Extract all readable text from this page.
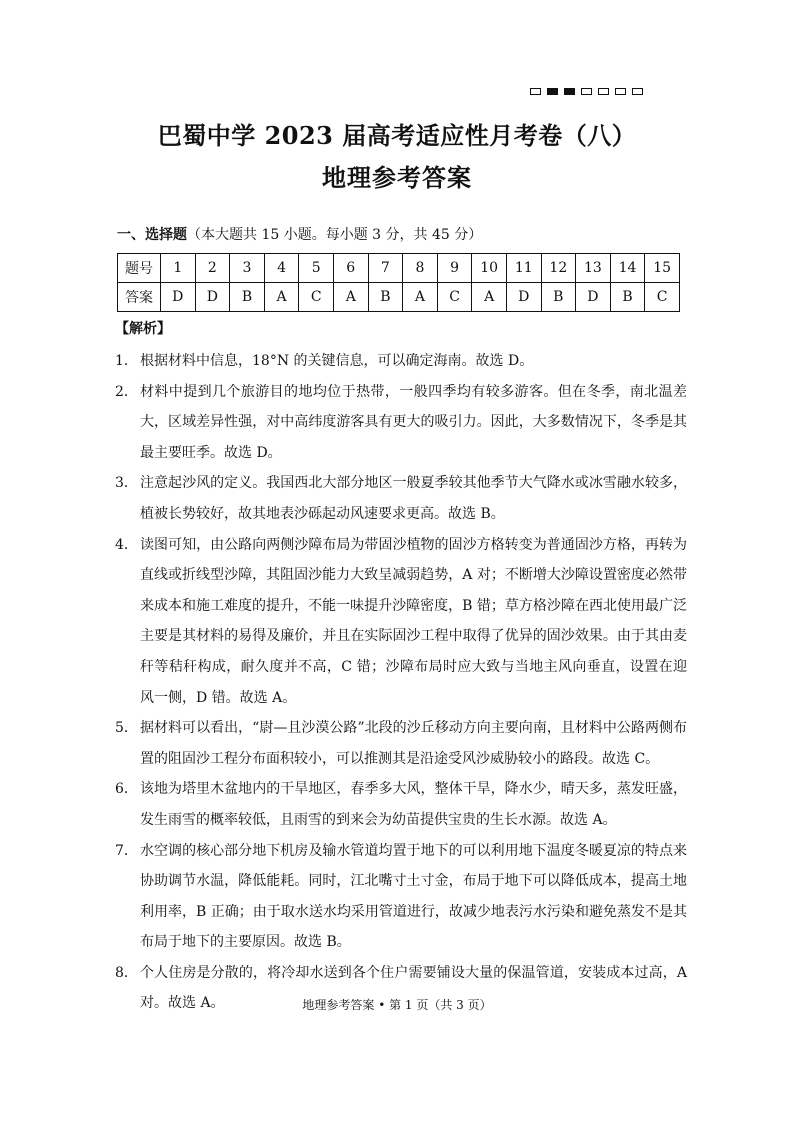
巴蜀中学 2023 届高考适应性月考卷（八）
地理参考答案
一、选择题（本大题共 15 小题。每小题 3 分，共 45 分）
题号	1	2	3	4	5	6	7	8	9	10	11	12	13	14	15
答案	D	D	B	A	C	A	B	A	C	A	D	B	D	B	C
【解析】
1． 根据材料中信息，18°N 的关键信息，可以确定海南。故选 D。
2． 材料中提到几个旅游目的地均位于热带，一般四季均有较多游客。但在冬季，南北温差大，区域差异性强，对中高纬度游客具有更大的吸引力。因此，大多数情况下，冬季是其最主要旺季。故选 D。
3． 注意起沙风的定义。我国西北大部分地区一般夏季较其他季节大气降水或冰雪融水较多，植被长势较好，故其地表沙砾起动风速要求更高。故选 B。
4． 读图可知，由公路向两侧沙障布局为带固沙植物的固沙方格转变为普通固沙方格，再转为直线或折线型沙障，其阻固沙能力大致呈减弱趋势，A 对；不断增大沙障设置密度必然带来成本和施工难度的提升，不能一味提升沙障密度，B 错；草方格沙障在西北使用最广泛主要是其材料的易得及廉价，并且在实际固沙工程中取得了优异的固沙效果。由于其由麦秆等秸秆构成，耐久度并不高，C 错；沙障布局时应大致与当地主风向垂直，设置在迎风一侧，D 错。故选 A。
5． 据材料可以看出，“尉—且沙漠公路”北段的沙丘移动方向主要向南，且材料中公路两侧布置的阻固沙工程分布面积较小，可以推测其是沿途受风沙威胁较小的路段。故选 C。
6． 该地为塔里木盆地内的干旱地区，春季多大风，整体干旱，降水少，晴天多，蒸发旺盛，发生雨雪的概率较低，且雨雪的到来会为幼苗提供宝贵的生长水源。故选 A。
7． 水空调的核心部分地下机房及输水管道均置于地下的可以利用地下温度冬暖夏凉的特点来协助调节水温，降低能耗。同时，江北嘴寸土寸金，布局于地下可以降低成本，提高土地利用率，B 正确；由于取水送水均采用管道进行，故减少地表污水污染和避免蒸发不是其布局于地下的主要原因。故选 B。
8． 个人住房是分散的，将冷却水送到各个住户需要铺设大量的保温管道，安装成本过高，A 对。故选 A。	地理参考答案 • 第 1 页（共 3 页）
